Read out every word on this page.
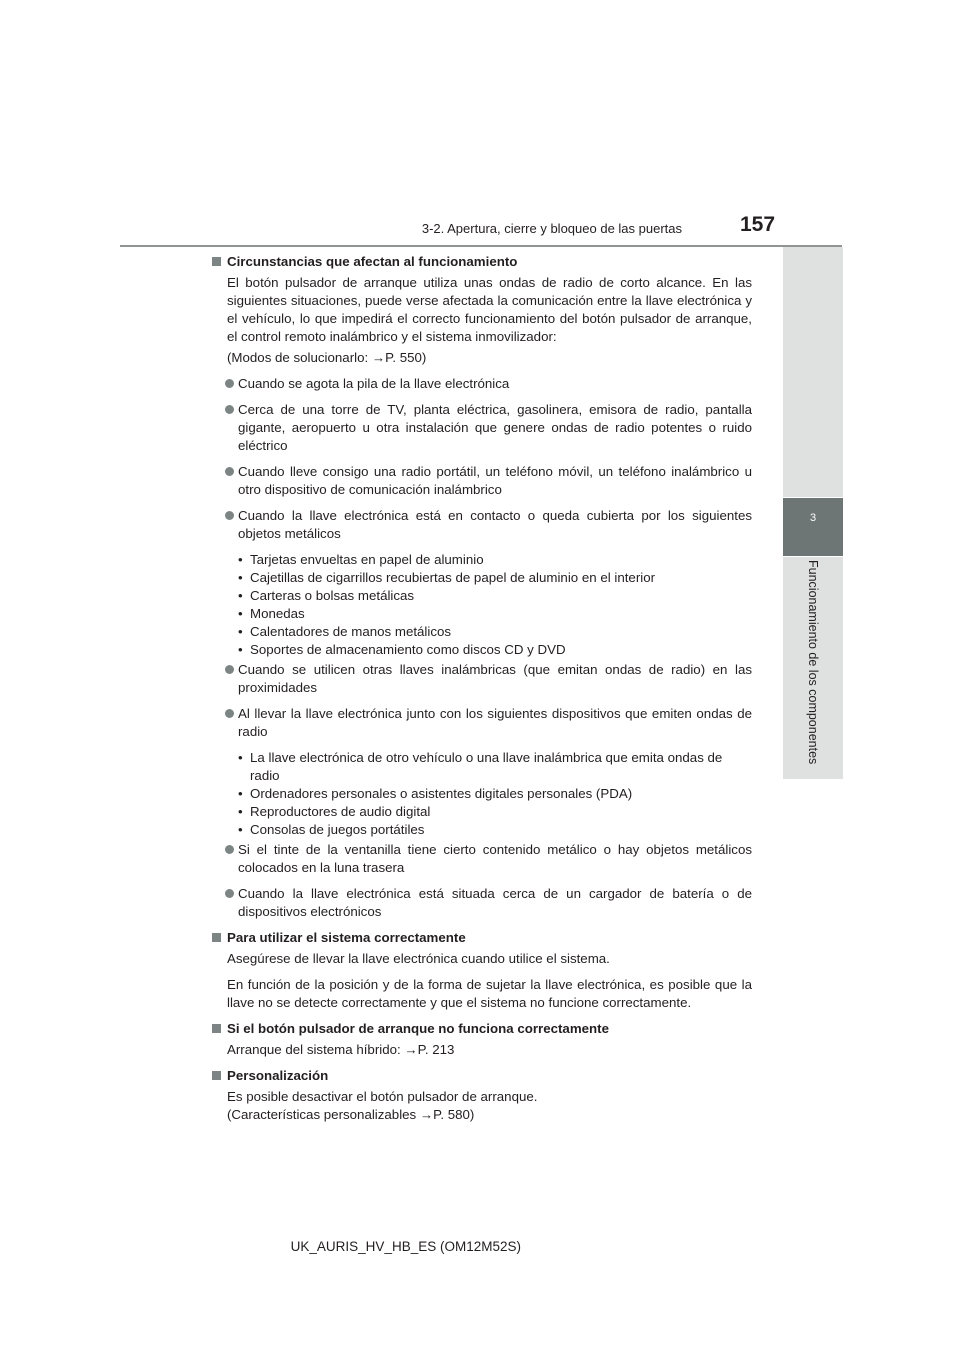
3-2. Apertura, cierre y bloqueo de las puertas	157
3
Funcionamiento de los componentes
Circunstancias que afectan al funcionamiento
El botón pulsador de arranque utiliza unas ondas de radio de corto alcance. En las siguientes situaciones, puede verse afectada la comunicación entre la llave electrónica y el vehículo, lo que impedirá el correcto funcionamiento del botón pulsador de arranque, el control remoto inalámbrico y el sistema inmovilizador:
(Modos de solucionarlo: →P. 550)
Cuando se agota la pila de la llave electrónica
Cerca de una torre de TV, planta eléctrica, gasolinera, emisora de radio, pantalla gigante, aeropuerto u otra instalación que genere ondas de radio potentes o ruido eléctrico
Cuando lleve consigo una radio portátil, un teléfono móvil, un teléfono inalámbrico u otro dispositivo de comunicación inalámbrico
Cuando la llave electrónica está en contacto o queda cubierta por los siguientes objetos metálicos
• Tarjetas envueltas en papel de aluminio
• Cajetillas de cigarrillos recubiertas de papel de aluminio en el interior
• Carteras o bolsas metálicas
• Monedas
• Calentadores de manos metálicos
• Soportes de almacenamiento como discos CD y DVD
Cuando se utilicen otras llaves inalámbricas (que emitan ondas de radio) en las proximidades
Al llevar la llave electrónica junto con los siguientes dispositivos que emiten ondas de radio
• La llave electrónica de otro vehículo o una llave inalámbrica que emita ondas de radio
• Ordenadores personales o asistentes digitales personales (PDA)
• Reproductores de audio digital
• Consolas de juegos portátiles
Si el tinte de la ventanilla tiene cierto contenido metálico o hay objetos metálicos colocados en la luna trasera
Cuando la llave electrónica está situada cerca de un cargador de batería o de dispositivos electrónicos
Para utilizar el sistema correctamente
Asegúrese de llevar la llave electrónica cuando utilice el sistema.
En función de la posición y de la forma de sujetar la llave electrónica, es posible que la llave no se detecte correctamente y que el sistema no funcione correctamente.
Si el botón pulsador de arranque no funciona correctamente
Arranque del sistema híbrido: →P. 213
Personalización
Es posible desactivar el botón pulsador de arranque.
(Características personalizables →P. 580)
UK_AURIS_HV_HB_ES (OM12M52S)
